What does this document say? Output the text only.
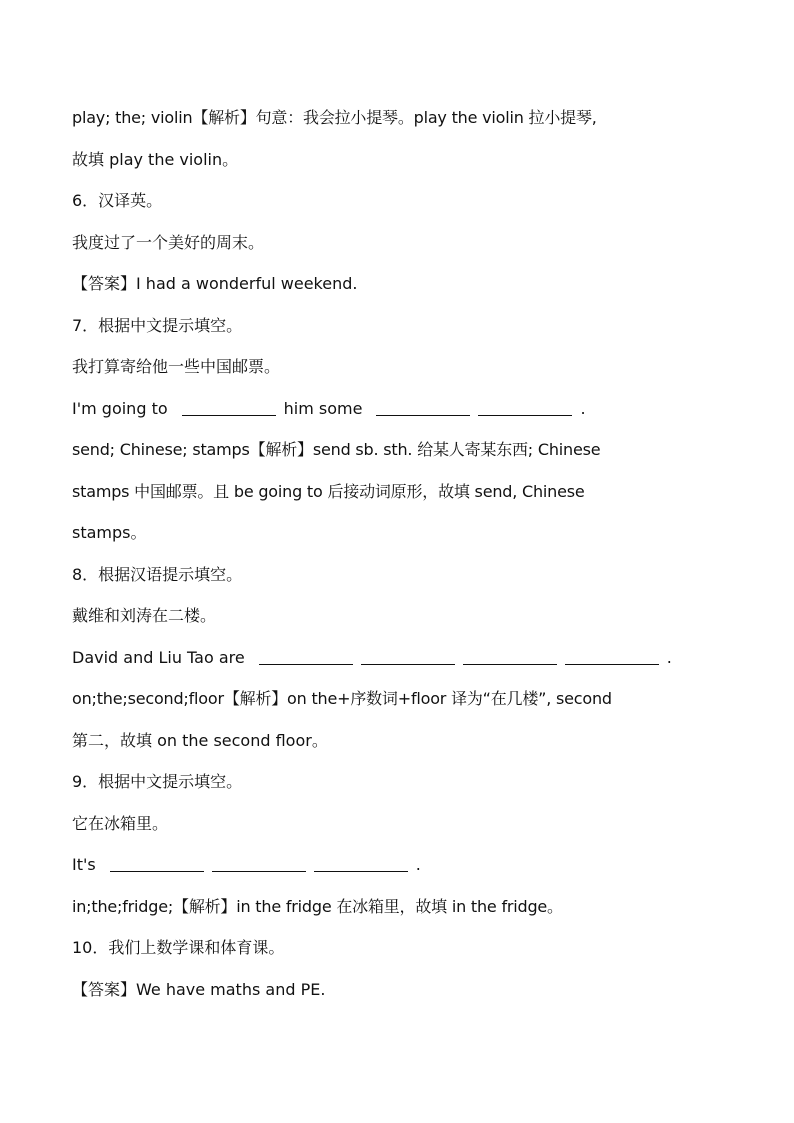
play; the; violin【解析】句意：我会拉小提琴。play the violin 拉小提琴,
故填 play the violin。
6．汉译英。
我度过了一个美好的周末。
【答案】I had a wonderful weekend.
7．根据中文提示填空。
我打算寄给他一些中国邮票。
I'm going to	him some	.
send; Chinese; stamps【解析】send sb. sth. 给某人寄某东西; Chinese
stamps 中国邮票。且 be going to 后接动词原形，故填 send, Chinese
stamps。
8．根据汉语提示填空。
戴维和刘涛在二楼。
David and Liu Tao are	.
on;the;second;floor【解析】on the+序数词+floor 译为“在几楼”, second
第二，故填 on the second floor。
9．根据中文提示填空。
它在冰箱里。
It's	.
in;the;fridge;【解析】in the fridge 在冰箱里，故填 in the fridge。
10．我们上数学课和体育课。
【答案】We have maths and PE.
